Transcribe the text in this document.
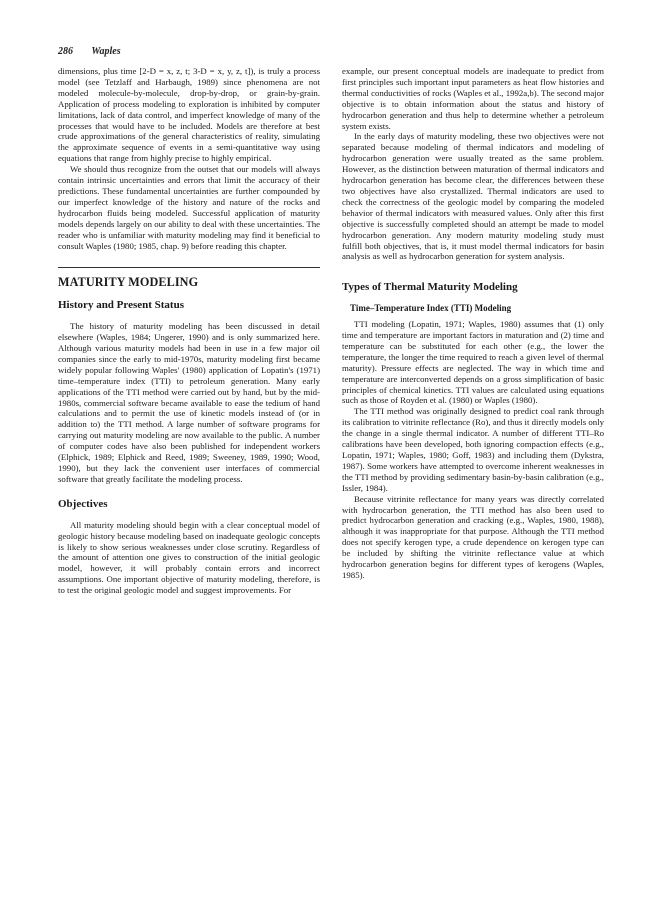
286 Waples

dimensions, plus time [2-D = x, z, t; 3-D = x, y, z, t]), is truly a process model (see Tetzlaff and Harbaugh, 1989) since phenomena are not modeled molecule-by-molecule, drop-by-drop, or grain-by-grain. Application of process modeling to exploration is inhibited by computer limitations, lack of data control, and imperfect knowledge of many of the processes that would have to be included. Models are therefore at best crude approximations of the general characteristics of reality, simulating the approximate sequence of events in a semi-quantitative way using equations that range from highly precise to highly empirical.

We should thus recognize from the outset that our models will always contain intrinsic uncertainties and errors that limit the accuracy of their predictions. These fundamental uncertainties are further compounded by our imperfect knowledge of the history and nature of the rocks and hydrocarbon fluids being modeled. Successful application of maturity models depends largely on our ability to deal with these uncertainties. The reader who is unfamiliar with maturity modeling may find it beneficial to consult Waples (1980; 1985, chap. 9) before reading this chapter.

MATURITY MODELING
History and Present Status

The history of maturity modeling has been discussed in detail elsewhere (Waples, 1984; Ungerer, 1990) and is only summarized here. Although various maturity models had been in use in a few major oil companies since the early to mid-1970s, maturity modeling first became widely popular following Waples' (1980) application of Lopatin's (1971) time–temperature index (TTI) to petroleum generation. Many early applications of the TTI method were carried out by hand, but by the mid-1980s, commercial software became available to ease the tedium of hand calculations and to permit the use of kinetic models instead of (or in addition to) the TTI method. A large number of software programs for carrying out maturity modeling are now available to the public. A number of computer codes have also been published for independent workers (Elphick, 1989; Elphick and Reed, 1989; Sweeney, 1989, 1990; Wood, 1990), but they lack the convenient user interfaces of commercial software that greatly facilitate the modeling process.

Objectives

All maturity modeling should begin with a clear conceptual model of geologic history because modeling based on inadequate geologic concepts is likely to show serious weaknesses under close scrutiny. Regardless of the amount of attention one gives to construction of the initial geologic model, however, it will probably contain errors and incorrect assumptions. One important objective of maturity modeling, therefore, is to test the original geologic model and suggest improvements. For

example, our present conceptual models are inadequate to predict from first principles such important input parameters as heat flow histories and thermal conductivities of rocks (Waples et al., 1992a,b). The second major objective is to obtain information about the status and history of hydrocarbon generation and thus help to determine whether a petroleum system exists.

In the early days of maturity modeling, these two objectives were not separated because modeling of thermal indicators and modeling of hydrocarbon generation were usually treated as the same problem. However, as the distinction between maturation of thermal indicators and hydrocarbon generation has become clear, the differences between these two objectives have also crystallized. Thermal indicators are used to check the correctness of the geologic model by comparing the modeled behavior of thermal indicators with measured values. Only after this first objective is successfully completed should an attempt be made to model hydrocarbon generation. Any modern maturity modeling study must fulfill both objectives, that is, it must model thermal indicators for basin analysis as well as hydrocarbon generation for system analysis.

Types of Thermal Maturity Modeling
Time–Temperature Index (TTI) Modeling

TTI modeling (Lopatin, 1971; Waples, 1980) assumes that (1) only time and temperature are important factors in maturation and (2) time and temperature can be substituted for each other (e.g., the lower the temperature, the longer the time required to reach a given level of thermal maturity). Pressure effects are neglected. The way in which time and temperature are interconverted depends on a gross simplification of basic principles of chemical kinetics. TTI values are calculated using equations such as those of Royden et al. (1980) or Waples (1980).

The TTI method was originally designed to predict coal rank through its calibration to vitrinite reflectance (Ro), and thus it directly models only the change in a single thermal indicator. A number of different TTI–Ro calibrations have been developed, both ignoring compaction effects (e.g., Lopatin, 1971; Waples, 1980; Goff, 1983) and including them (Dykstra, 1987). Some workers have attempted to overcome inherent weaknesses in the TTI method by providing sedimentary basin-by-basin calibration (e.g., Issler, 1984).

Because vitrinite reflectance for many years was directly correlated with hydrocarbon generation, the TTI method has also been used to predict hydrocarbon generation and cracking (e.g., Waples, 1980, 1988), although it was inappropriate for that purpose. Although the TTI method does not specify kerogen type, a crude dependence on kerogen type can be included by shifting the vitrinite reflectance value at which hydrocarbon generation begins for different types of kerogens (Waples, 1985).
